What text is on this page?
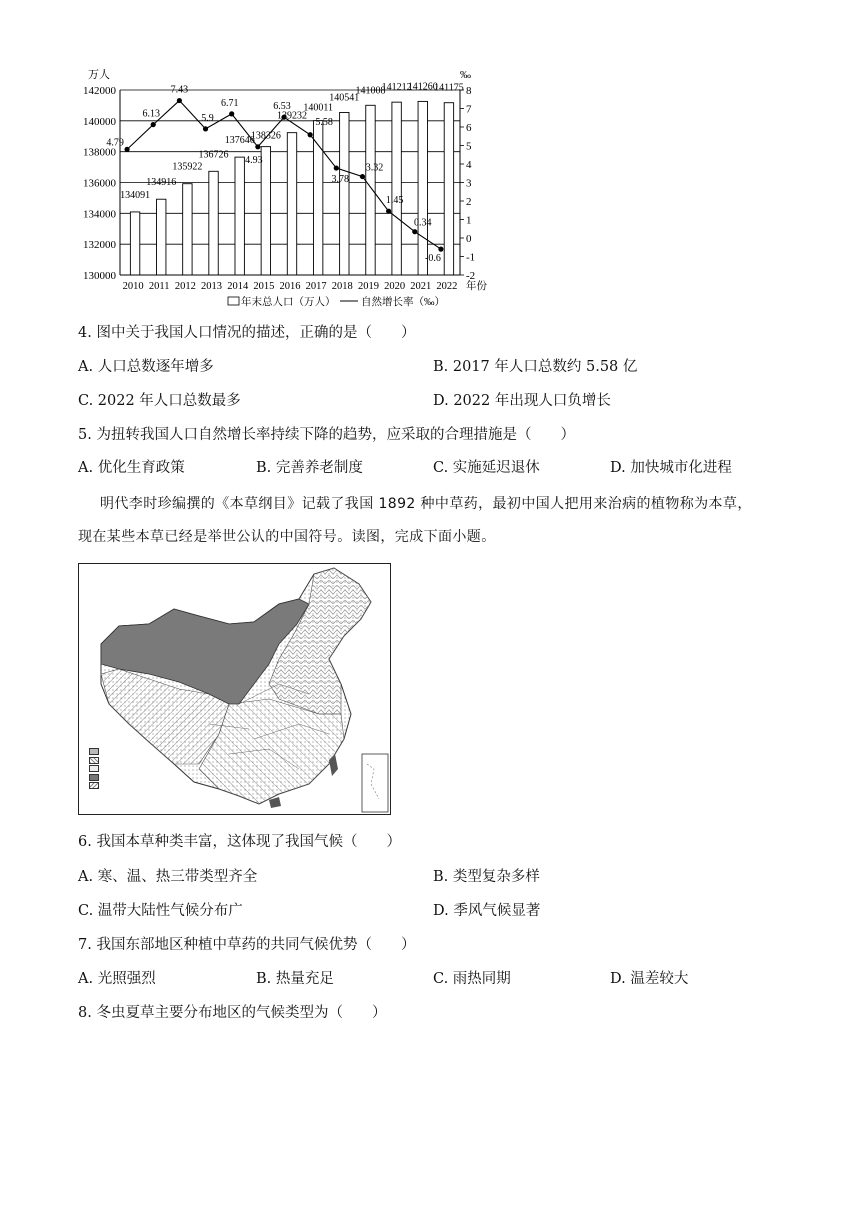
130000
132000
134000
136000
138000
140000
142000
-2
-1
0
1
2
3
4
5
6
7
8
万人	‰
134091
134916
135922
136726
137646
138326
139232
140011
140541
141008
141212
141260
141175
4.79
6.13
7.43
5.9
6.71
4.93
6.53
5.58
3.78
3.32
1.45
0.34
-0.6
2010 2011 2012 2013 2014 2015 2016 2017 2018 2019 2020 2021 2022 年份
年末总人口（万人） 自然增长率（‰）
4. 图中关于我国人口情况的描述，正确的是（　　）
A. 人口总数逐年增多	B. 2017 年人口总数约 5.58 亿
C. 2022 年人口总数最多	D. 2022 年出现人口负增长
5. 为扭转我国人口自然增长率持续下降的趋势，应采取的合理措施是（　　）
A. 优化生育政策	B. 完善养老制度	C. 实施延迟退休	D. 加快城市化进程
明代李时珍编撰的《本草纲目》记载了我国 1892 种中草药，最初中国人把用来治病的植物称为本草，
现在某些本草已经是举世公认的中国符号。读图，完成下面小题。
6. 我国本草种类丰富，这体现了我国气候（　　）
A. 寒、温、热三带类型齐全	B. 类型复杂多样
C. 温带大陆性气候分布广	D. 季风气候显著
7. 我国东部地区种植中草药的共同气候优势（　　）
A. 光照强烈	B. 热量充足	C. 雨热同期	D. 温差较大
8. 冬虫夏草主要分布地区的气候类型为（　　）
